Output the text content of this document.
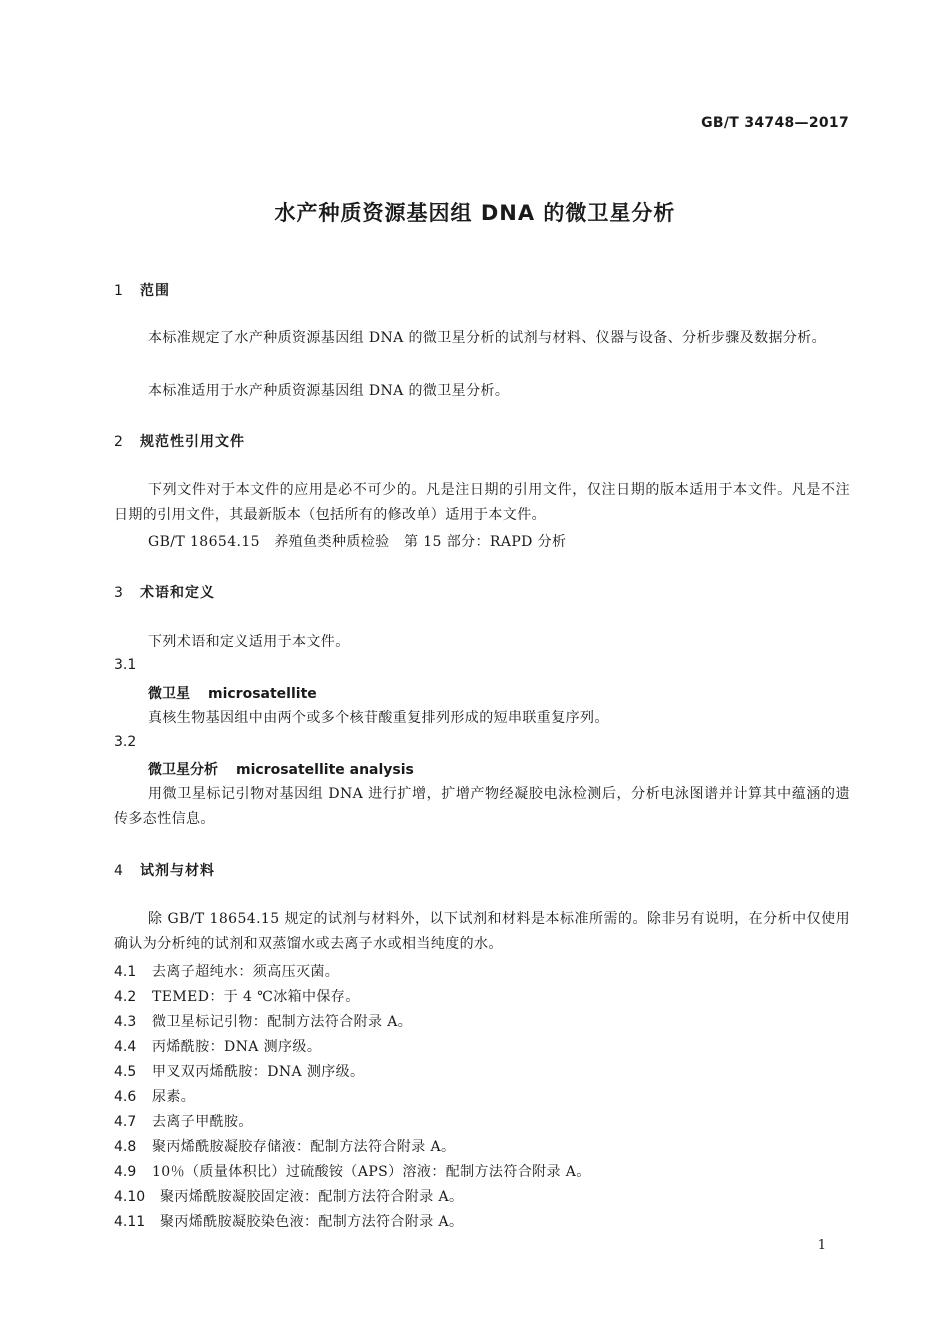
GB/T 34748—2017
水产种质资源基因组 DNA 的微卫星分析
1 范围
本标准规定了水产种质资源基因组 DNA 的微卫星分析的试剂与材料、仪器与设备、分析步骤及数据分析。
本标准适用于水产种质资源基因组 DNA 的微卫星分析。
2 规范性引用文件
下列文件对于本文件的应用是必不可少的。凡是注日期的引用文件，仅注日期的版本适用于本文件。凡是不注日期的引用文件，其最新版本（包括所有的修改单）适用于本文件。
GB/T 18654.15　养殖鱼类种质检验　第 15 部分：RAPD 分析
3 术语和定义
下列术语和定义适用于本文件。
3.1
微卫星 microsatellite
真核生物基因组中由两个或多个核苷酸重复排列形成的短串联重复序列。
3.2
微卫星分析 microsatellite analysis
用微卫星标记引物对基因组 DNA 进行扩增，扩增产物经凝胶电泳检测后，分析电泳图谱并计算其中蕴涵的遗传多态性信息。
4 试剂与材料
除 GB/T 18654.15 规定的试剂与材料外，以下试剂和材料是本标准所需的。除非另有说明，在分析中仅使用确认为分析纯的试剂和双蒸馏水或去离子水或相当纯度的水。
4.1 去离子超纯水：须高压灭菌。
4.2 TEMED：于 4 ℃冰箱中保存。
4.3 微卫星标记引物：配制方法符合附录 A。
4.4 丙烯酰胺：DNA 测序级。
4.5 甲叉双丙烯酰胺：DNA 测序级。
4.6 尿素。
4.7 去离子甲酰胺。
4.8 聚丙烯酰胺凝胶存储液：配制方法符合附录 A。
4.9 10％（质量体积比）过硫酸铵（APS）溶液：配制方法符合附录 A。
4.10 聚丙烯酰胺凝胶固定液：配制方法符合附录 A。
4.11 聚丙烯酰胺凝胶染色液：配制方法符合附录 A。
1
